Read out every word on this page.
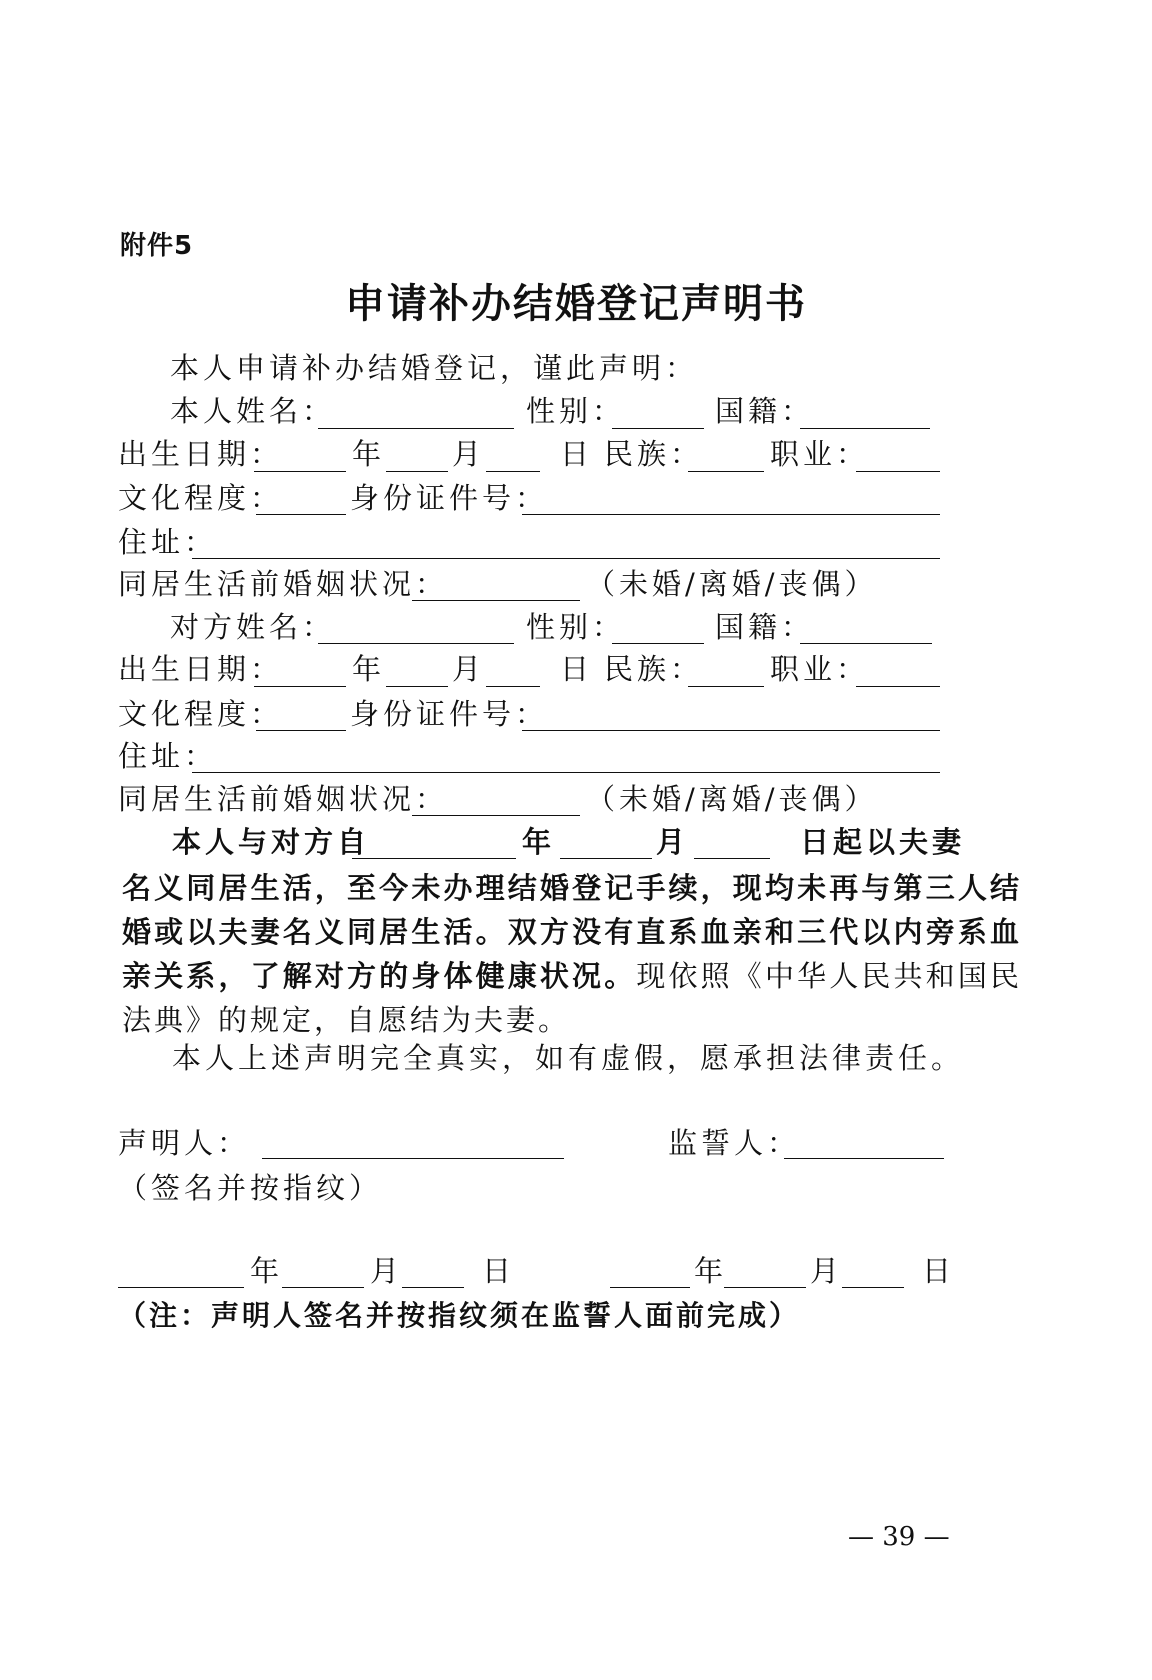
附件5
申请补办结婚登记声明书
本人申请补办结婚登记，谨此声明：
本人姓名：	性别：	国籍：
出生日期： 年 月	日 民族： 职业：
文化程度： 身份证件号：
住址：
同居生活前婚姻状况：	（未婚/离婚/丧偶）
对方姓名：	性别：	国籍：
出生日期： 年 月	日 民族： 职业：
文化程度： 身份证件号：
住址：
同居生活前婚姻状况：	（未婚/离婚/丧偶）
本人与对方自	年	月	日起以夫妻
名义同居生活，至今未办理结婚登记手续，现均未再与第三人结婚或以夫妻名义同居生活。双方没有直系血亲和三代以内旁系血亲关系，了解对方的身体健康状况。现依照《中华人民共和国民法典》的规定，自愿结为夫妻。
本人上述声明完全真实，如有虚假，愿承担法律责任。
声明人：	监誓人：
（签名并按指纹）
年	月	日	年	月	日
（注：声明人签名并按指纹须在监誓人面前完成）
— 39 —
